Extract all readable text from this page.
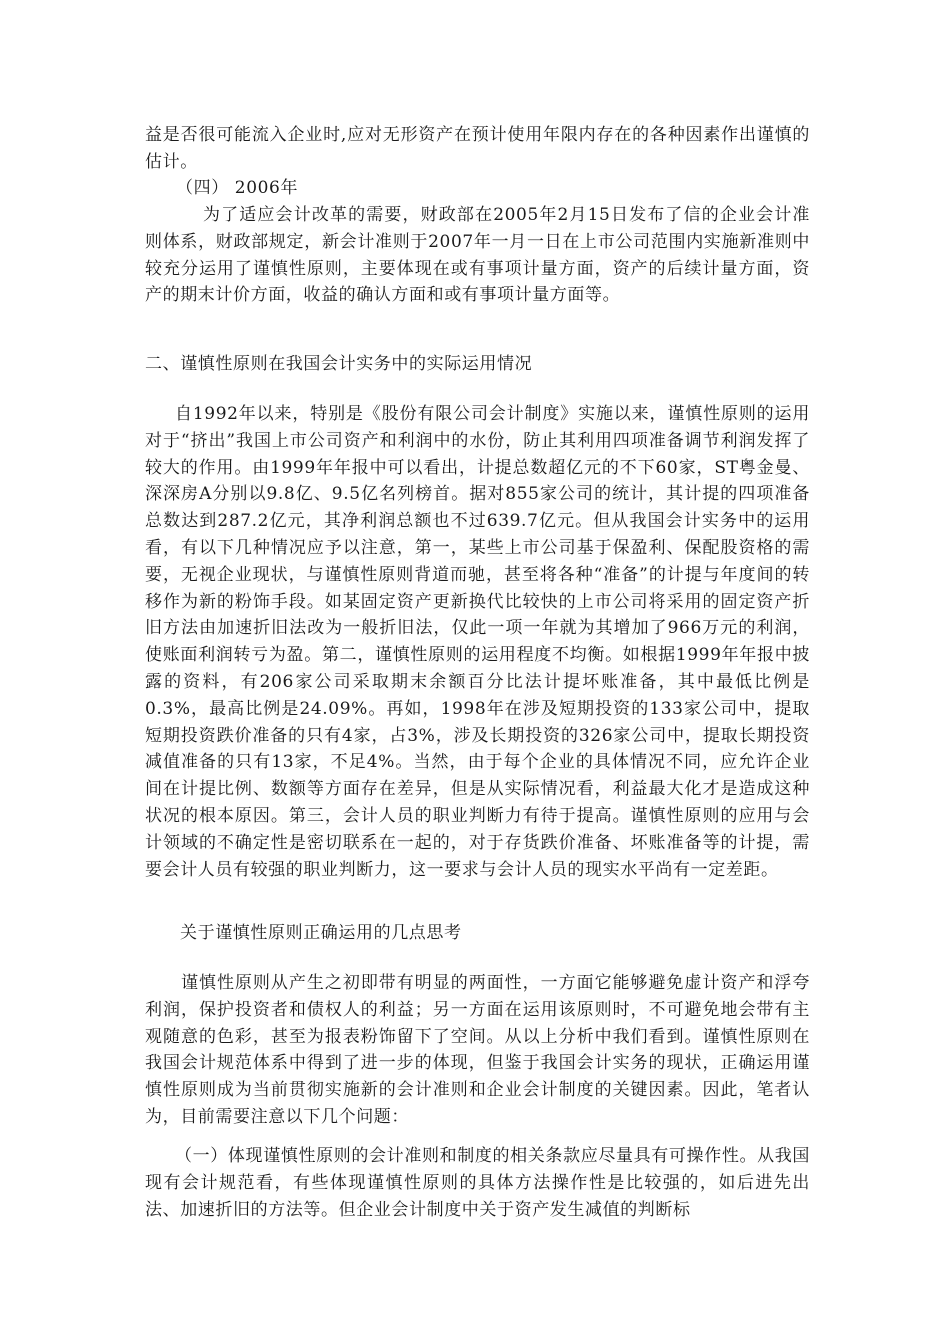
益是否很可能流入企业时,应对无形资产在预计使用年限内存在的各种因素作出谨慎的估计。

（四） 2006年

为了适应会计改革的需要，财政部在2005年2月15日发布了信的企业会计准则体系，财政部规定，新会计准则于2007年一月一日在上市公司范围内实施新准则中较充分运用了谨慎性原则，主要体现在或有事项计量方面，资产的后续计量方面，资产的期末计价方面，收益的确认方面和或有事项计量方面等。

二、谨慎性原则在我国会计实务中的实际运用情况

自1992年以来，特别是《股份有限公司会计制度》实施以来，谨慎性原则的运用对于“挤出”我国上市公司资产和利润中的水份，防止其利用四项准备调节利润发挥了较大的作用。由1999年年报中可以看出，计提总数超亿元的不下60家，ST粤金曼、深深房A分别以9.8亿、9.5亿名列榜首。据对855家公司的统计，其计提的四项准备总数达到287.2亿元，其净利润总额也不过639.7亿元。但从我国会计实务中的运用看，有以下几种情况应予以注意，第一，某些上市公司基于保盈利、保配股资格的需要，无视企业现状，与谨慎性原则背道而驰，甚至将各种“准备”的计提与年度间的转移作为新的粉饰手段。如某固定资产更新换代比较快的上市公司将采用的固定资产折旧方法由加速折旧法改为一般折旧法，仅此一项一年就为其增加了966万元的利润，使账面利润转亏为盈。第二，谨慎性原则的运用程度不均衡。如根据1999年年报中披露的资料，有206家公司采取期末余额百分比法计提坏账准备，其中最低比例是0.3%，最高比例是24.09%。再如，1998年在涉及短期投资的133家公司中，提取短期投资跌价准备的只有4家，占3%，涉及长期投资的326家公司中，提取长期投资减值准备的只有13家，不足4%。当然，由于每个企业的具体情况不同，应允许企业间在计提比例、数额等方面存在差异，但是从实际情况看，利益最大化才是造成这种状况的根本原因。第三，会计人员的职业判断力有待于提高。谨慎性原则的应用与会计领域的不确定性是密切联系在一起的，对于存货跌价准备、坏账准备等的计提，需要会计人员有较强的职业判断力，这一要求与会计人员的现实水平尚有一定差距。

关于谨慎性原则正确运用的几点思考

谨慎性原则从产生之初即带有明显的两面性，一方面它能够避免虚计资产和浮夸利润，保护投资者和债权人的利益；另一方面在运用该原则时，不可避免地会带有主观随意的色彩，甚至为报表粉饰留下了空间。从以上分析中我们看到。谨慎性原则在我国会计规范体系中得到了进一步的体现，但鉴于我国会计实务的现状，正确运用谨慎性原则成为当前贯彻实施新的会计准则和企业会计制度的关键因素。因此，笔者认为，目前需要注意以下几个问题：

（一）体现谨慎性原则的会计准则和制度的相关条款应尽量具有可操作性。从我国现有会计规范看，有些体现谨慎性原则的具体方法操作性是比较强的，如后进先出法、加速折旧的方法等。但企业会计制度中关于资产发生减值的判断标
